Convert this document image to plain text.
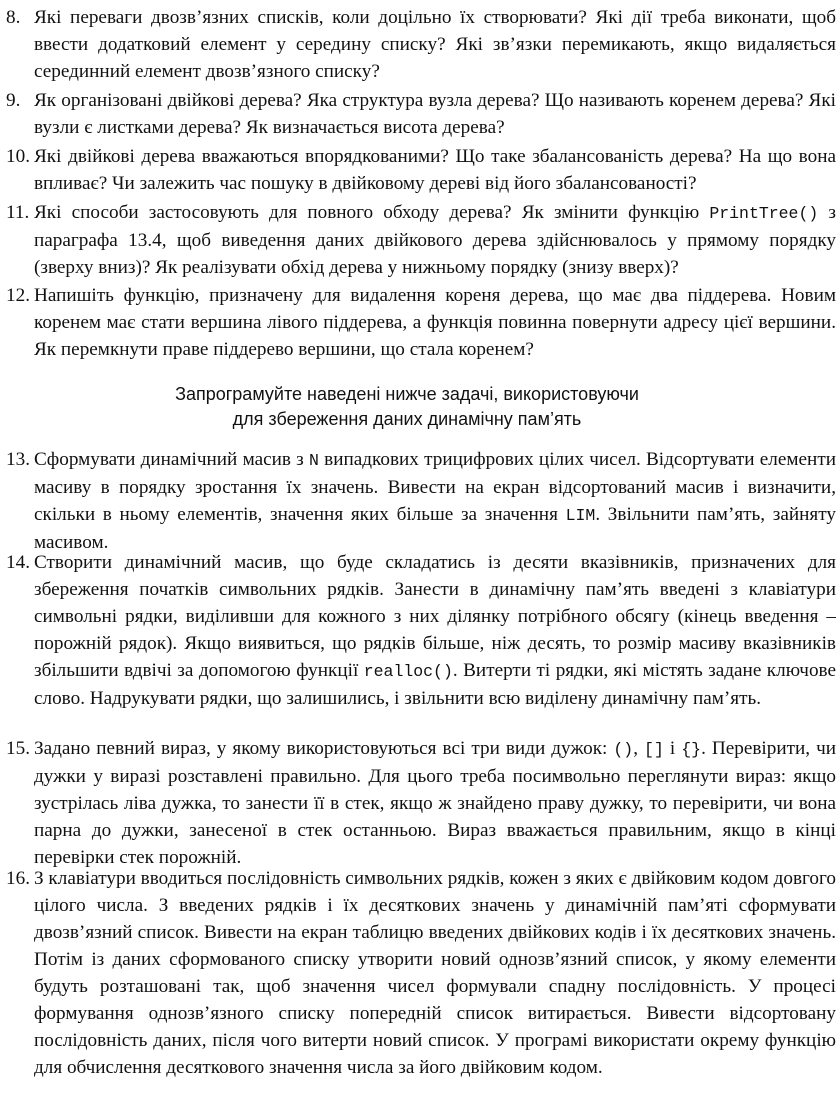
8. Які переваги двозв’язних списків, коли доцільно їх створювати? Які дії треба виконати, щоб ввести додатковий елемент у середину списку? Які зв’язки перемикають, якщо видаляється серединний елемент двозв’язного списку?
9. Як організовані двійкові дерева? Яка структура вузла дерева? Що називають коренем дерева? Які вузли є листками дерева? Як визначається висота дерева?
10. Які двійкові дерева вважаються впорядкованими? Що таке збалансованість дерева? На що вона впливає? Чи залежить час пошуку в двійковому дереві від його збалансованості?
11. Які способи застосовують для повного обходу дерева? Як змінити функцію PrintTree() з параграфа 13.4, щоб виведення даних двійкового дерева здійснювалось у прямому порядку (зверху вниз)? Як реалізувати обхід дерева у нижньому порядку (знизу вверх)?
12. Напишіть функцію, призначену для видалення кореня дерева, що має два піддерева. Новим коренем має стати вершина лівого піддерева, а функція повинна повернути адресу цієї вершини. Як перемкнути праве піддерево вершини, що стала коренем?
Запрограмуйте наведені нижче задачі, використовуючи
для збереження даних динамічну пам’ять
13. Сформувати динамічний масив з N випадкових трицифрових цілих чисел. Відсортувати елементи масиву в порядку зростання їх значень. Вивести на екран відсортований масив і визначити, скільки в ньому елементів, значення яких більше за значення LIM. Звільнити пам’ять, зайняту масивом.
14. Створити динамічний масив, що буде складатись із десяти вказівників, призначених для збереження початків символьних рядків. Занести в динамічну пам’ять введені з клавіатури символьні рядки, виділивши для кожного з них ділянку потрібного обсягу (кінець введення – порожній рядок). Якщо виявиться, що рядків більше, ніж десять, то розмір масиву вказівників збільшити вдвічі за допомогою функції realloc(). Витерти ті рядки, які містять задане ключове слово. Надрукувати рядки, що залишились, і звільнити всю виділену динамічну пам’ять.
15. Задано певний вираз, у якому використовуються всі три види дужок: (), [] і {}. Перевірити, чи дужки у виразі розставлені правильно. Для цього треба посимвольно переглянути вираз: якщо зустрілась ліва дужка, то занести її в стек, якщо ж знайдено праву дужку, то перевірити, чи вона парна до дужки, занесеної в стек останньою. Вираз вважається правильним, якщо в кінці перевірки стек порожній.
16. З клавіатури вводиться послідовність символьних рядків, кожен з яких є двійковим кодом довгого цілого числа. З введених рядків і їх десяткових значень у динамічній пам’яті сформувати двозв’язний список. Вивести на екран таблицю введених двійкових кодів і їх десяткових значень. Потім із даних сформованого списку утворити новий однозв’язний список, у якому елементи будуть розташовані так, щоб значення чисел формували спадну послідовність. У процесі формування однозв’язного списку попередній список витирається. Вивести відсортовану послідовність даних, після чого витерти новий список. У програмі використати окрему функцію для обчислення десяткового значення числа за його двійковим кодом.
